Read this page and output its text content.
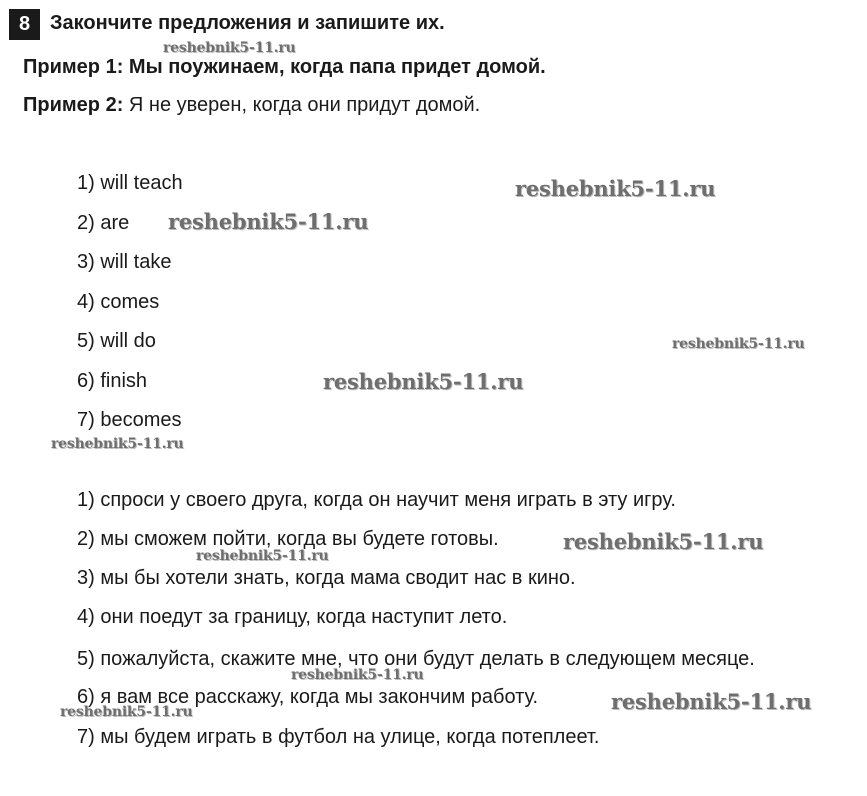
8 Закончите предложения и запишите их.
Пример 1: Мы поужинаем, когда папа придет домой.
Пример 2: Я не уверен, когда они придут домой.
1) will teach
2) are
3) will take
4) comes
5) will do
6) finish
7) becomes
1) спроси у своего друга, когда он научит меня играть в эту игру.
2) мы сможем пойти, когда вы будете готовы.
3) мы бы хотели знать, когда мама сводит нас в кино.
4) они поедут за границу, когда наступит лето.
5) пожалуйста, скажите мне, что они будут делать в следующем месяце.
6) я вам все расскажу, когда мы закончим работу.
7) мы будем играть в футбол на улице, когда потеплеет.
reshebnik5-11.ru
reshebnik5-11.ru
reshebnik5-11.ru
reshebnik5-11.ru
reshebnik5-11.ru
reshebnik5-11.ru
reshebnik5-11.ru
reshebnik5-11.ru
reshebnik5-11.ru
reshebnik5-11.ru
reshebnik5-11.ru
